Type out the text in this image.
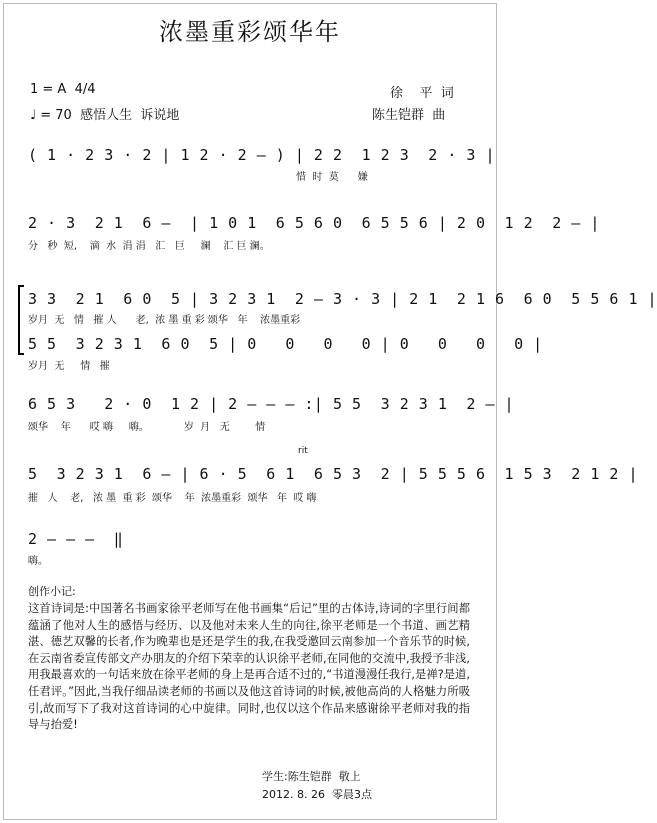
浓墨重彩颂华年
1 = A  4/4
♩ = 70  感悟人生  诉说地
徐    平  词
陈生铠群  曲
( 1 · 2 3 · 2 | 1 2 · 2 – ) | 2 2  1 2 3  2 · 3 |
惜  时  莫      嫌
2 · 3  2 1  6 –  | 1 0 1  6 5 6 0  6 5 5 6 | 2 0  1 2  2 – |
分   秒  短,    滴  水  涓 涓   汇   巨     澜    汇 巨 澜。
3 3  2 1  6 0  5 | 3 2 3 1  2 – 3 · 3 | 2 1  2 1 6  6 0  5 5 6 1 |
岁月  无   情   摧 人      老,  浓 墨 重 彩 颂华   年    浓墨重彩
5 5  3 2 3 1  6 0  5 | 0   0   0   0 | 0   0   0   0 |
岁月  无     情   摧
6 5 3   2 · 0  1 2 | 2 – – – :| 5 5  3 2 3 1  2 – |
颂华    年      哎 嗨     嗨。           岁  月   无        情
rit
5  3 2 3 1  6 – | 6 · 5  6 1  6 5 3  2 | 5 5 5 6  1 5 3  2 1 2 |
摧   人    老,   浓 墨  重 彩  颂华    年  浓墨重彩  颂华   年  哎 嗨
2 – – –  ‖
嗨。
创作小记:

这首诗词是:中国著名书画家徐平老师写在他书画集“后记”里的古体诗,诗词的字里行间都蕴涵了他对人生的感悟与经历、以及他对未来人生的向往,徐平老师是一个书道、画艺精湛、德艺双馨的长者,作为晚辈也是还是学生的我,在我受邀回云南参加一个音乐节的时候,在云南省委宣传部文产办朋友的介绍下荣幸的认识徐平老师,在同他的交流中,我授予非浅,用我最喜欢的一句话来放在徐平老师的身上是再合适不过的,“书道漫漫任我行,是禅?是道,任君评。”因此,当我仔细品读老师的书画以及他这首诗词的时候,被他高尚的人格魅力所吸引,故而写下了我对这首诗词的心中旋律。同时,也仅以这个作品来感谢徐平老师对我的指导与抬爱!

学生:陈生铠群  敬上
2012. 8. 26  零晨3点
